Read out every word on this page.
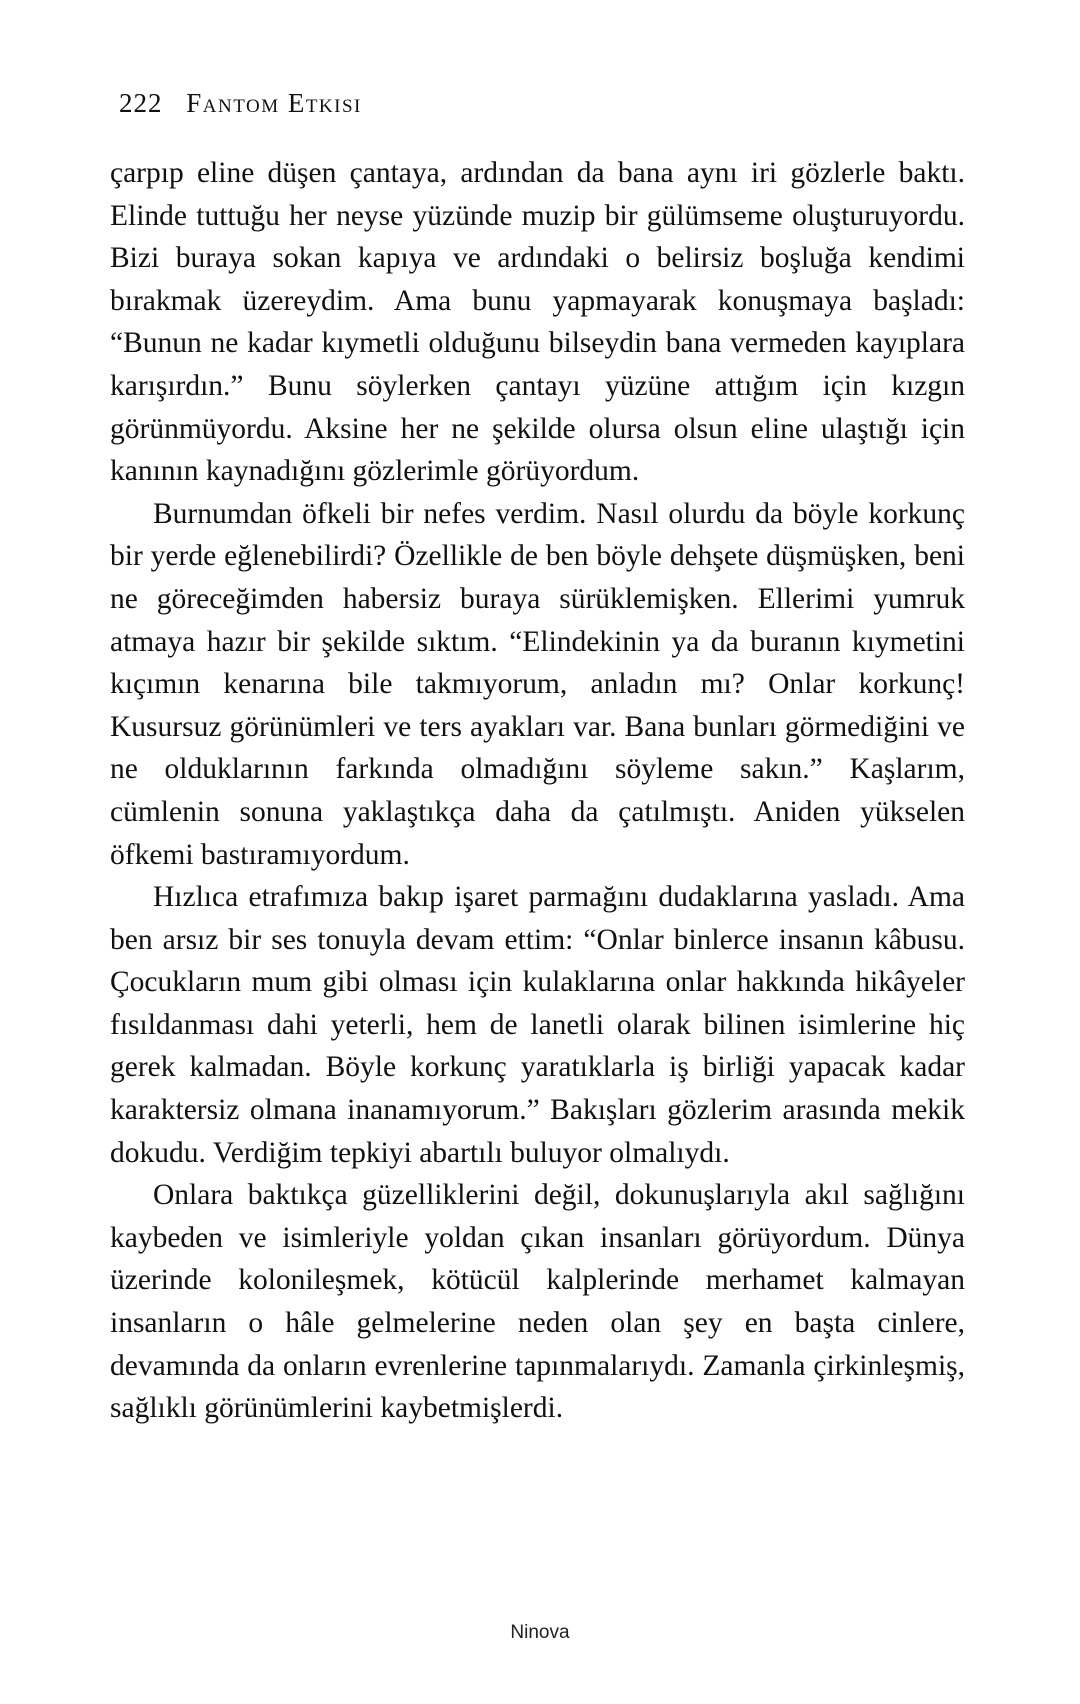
222 Fantom Etkisi

çarpıp eline düşen çantaya, ardından da bana aynı iri gözlerle baktı. Elinde tuttuğu her neyse yüzünde muzip bir gülümseme oluşturuyordu. Bizi buraya sokan kapıya ve ardındaki o belirsiz boşluğa kendimi bırakmak üzereydim. Ama bunu yapmayarak konuşmaya başladı: “Bunun ne kadar kıymetli olduğunu bilseydin bana vermeden kayıplara karışırdın.” Bunu söylerken çantayı yüzüne attığım için kızgın görünmüyordu. Aksine her ne şekilde olursa olsun eline ulaştığı için kanının kaynadığını gözlerimle görüyordum.

Burnumdan öfkeli bir nefes verdim. Nasıl olurdu da böyle korkunç bir yerde eğlenebilirdi? Özellikle de ben böyle dehşete düşmüşken, beni ne göreceğimden habersiz buraya sürüklemişken. Ellerimi yumruk atmaya hazır bir şekilde sıktım. “Elindekinin ya da buranın kıymetini kıçımın kenarına bile takmıyorum, anladın mı? Onlar korkunç! Kusursuz görünümleri ve ters ayakları var. Bana bunları görmediğini ve ne olduklarının farkında olmadığını söyleme sakın.” Kaşlarım, cümlenin sonuna yaklaştıkça daha da çatılmıştı. Aniden yükselen öfkemi bastıramıyordum.

Hızlıca etrafımıza bakıp işaret parmağını dudaklarına yasladı. Ama ben arsız bir ses tonuyla devam ettim: “Onlar binlerce insanın kâbusu. Çocukların mum gibi olması için kulaklarına onlar hakkında hikâyeler fısıldanması dahi yeterli, hem de lanetli olarak bilinen isimlerine hiç gerek kalmadan. Böyle korkunç yaratıklarla iş birliği yapacak kadar karaktersiz olmana inanamıyorum.” Bakışları gözlerim arasında mekik dokudu. Verdiğim tepkiyi abartılı buluyor olmalıydı.

Onlara baktıkça güzelliklerini değil, dokunuşlarıyla akıl sağlığını kaybeden ve isimleriyle yoldan çıkan insanları görüyordum. Dünya üzerinde kolonileşmek, kötücül kalplerinde merhamet kalmayan insanların o hâle gelmelerine neden olan şey en başta cinlere, devamında da onların evrenlerine tapınmalarıydı. Zamanla çirkinleşmiş, sağlıklı görünümlerini kaybetmişlerdi.

Ninova
